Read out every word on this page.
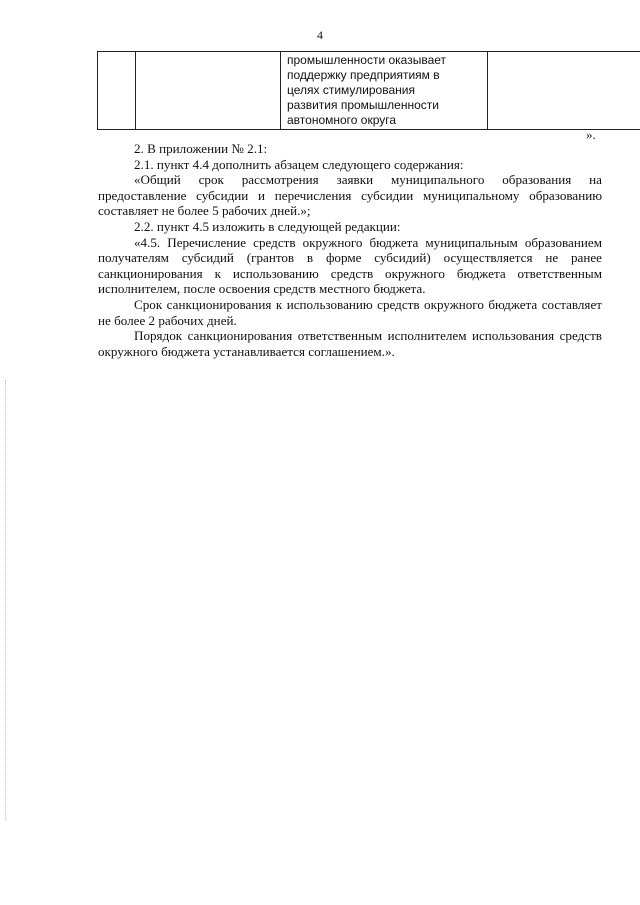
4

промышленности оказывает
поддержку предприятиям в
целях стимулирования
развития промышленности
автономного округа

».

2. В приложении № 2.1:

2.1. пункт 4.4 дополнить абзацем следующего содержания:

«Общий срок рассмотрения заявки муниципального образования на предоставление субсидии и перечисления субсидии муниципальному образованию составляет не более 5 рабочих дней.»;

2.2. пункт 4.5 изложить в следующей редакции:

«4.5. Перечисление средств окружного бюджета муниципальным образованием получателям субсидий (грантов в форме субсидий) осуществляется не ранее санкционирования к использованию средств окружного бюджета ответственным исполнителем, после освоения средств местного бюджета.

Срок санкционирования к использованию средств окружного бюджета составляет не более 2 рабочих дней.

Порядок санкционирования ответственным исполнителем использования средств окружного бюджета устанавливается соглашением.».
